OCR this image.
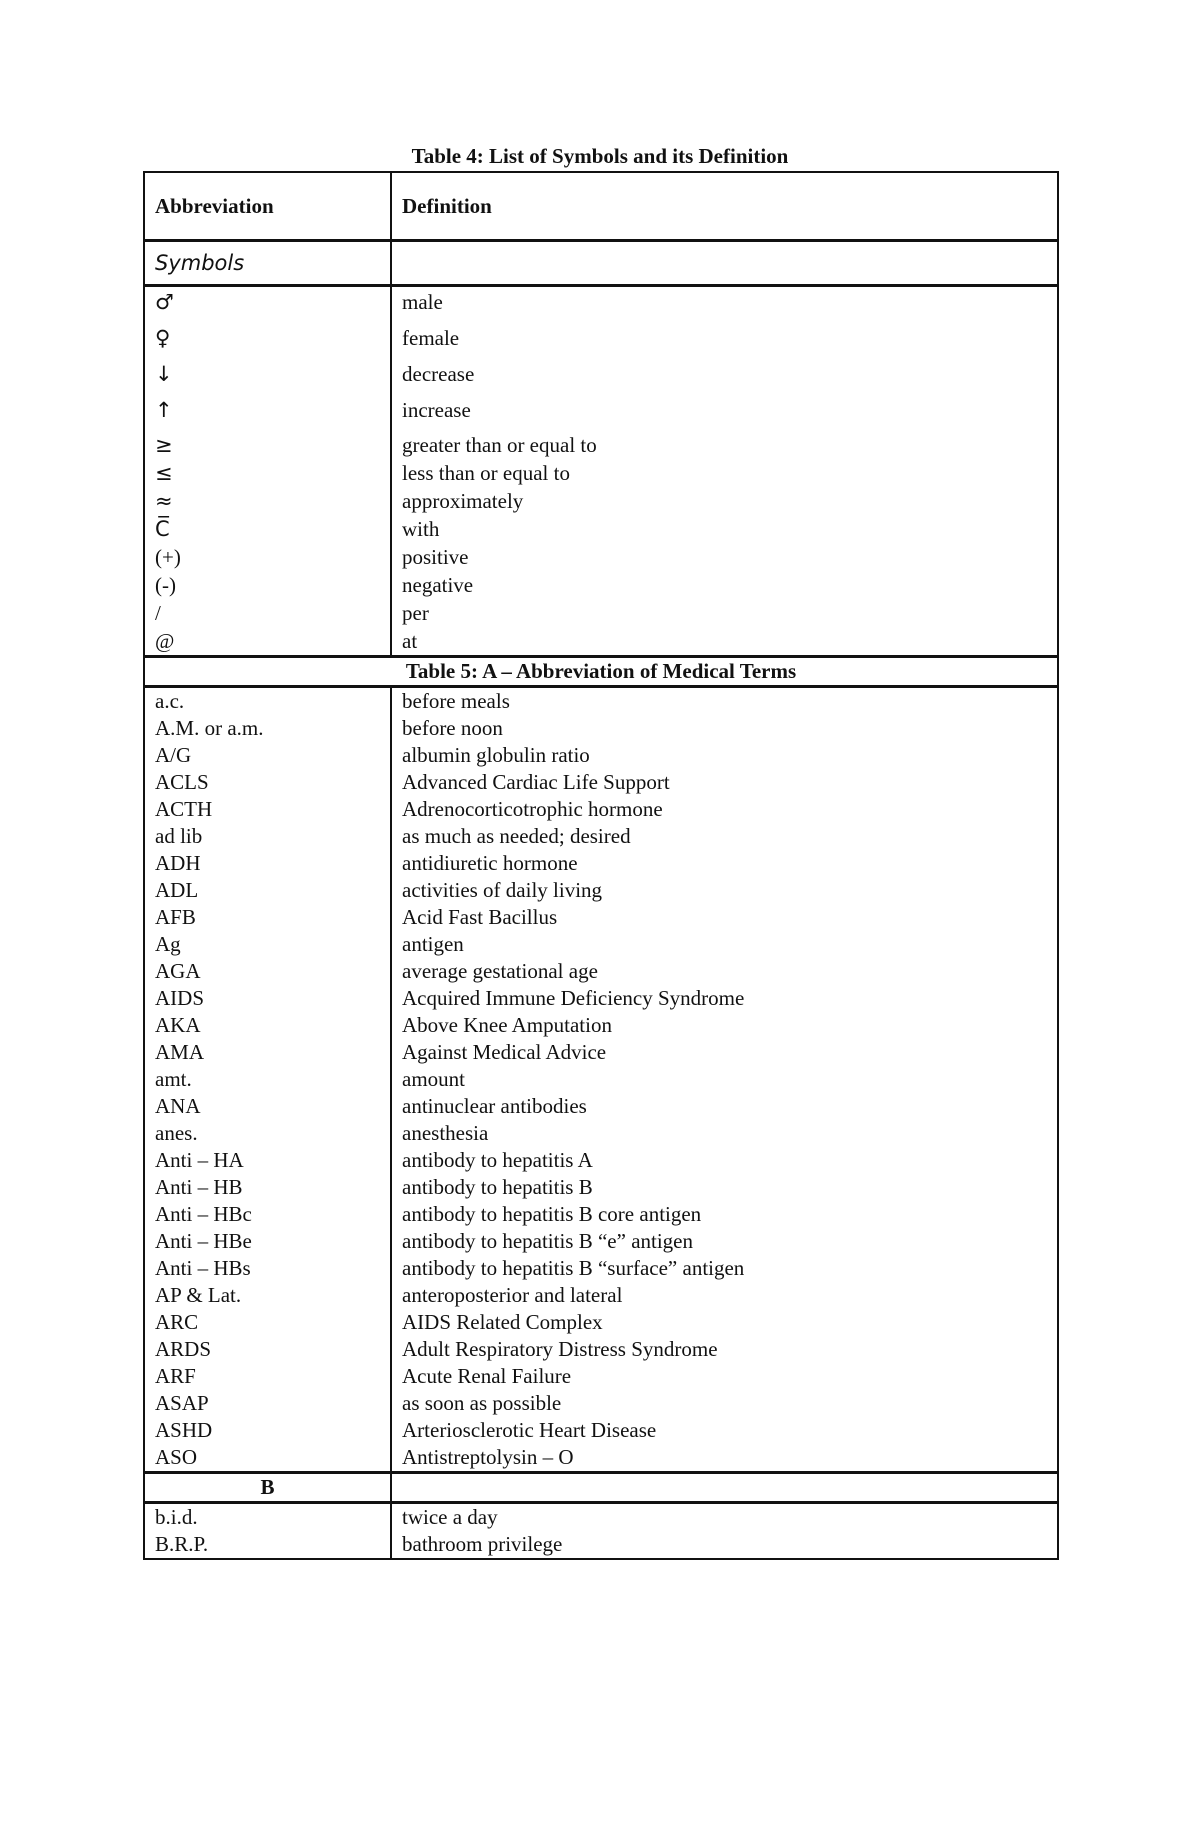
Table 4: List of Symbols and its Definition
Abbreviation	Definition
Symbols	
♂	male
♀	female
↓	decrease
↑	increase
≥	greater than or equal to
≤	less than or equal to
≈	approximately
C̅	with
(+)	positive
(-)	negative
/	per
@	at
Table 5: A – Abbreviation of Medical Terms	
a.c.	before meals
A.M. or a.m.	before noon
A/G	albumin globulin ratio
ACLS	Advanced Cardiac Life Support
ACTH	Adrenocorticotrophic hormone
ad lib	as much as needed; desired
ADH	antidiuretic hormone
ADL	activities of daily living
AFB	Acid Fast Bacillus
Ag	antigen
AGA	average gestational age
AIDS	Acquired Immune Deficiency Syndrome
AKA	Above Knee Amputation
AMA	Against Medical Advice
amt.	amount
ANA	antinuclear antibodies
anes.	anesthesia
Anti – HA	antibody to hepatitis A
Anti – HB	antibody to hepatitis B
Anti – HBc	antibody to hepatitis B core antigen
Anti – HBe	antibody to hepatitis B “e” antigen
Anti – HBs	antibody to hepatitis B “surface” antigen
AP & Lat.	anteroposterior and lateral
ARC	AIDS Related Complex
ARDS	Adult Respiratory Distress Syndrome
ARF	Acute Renal Failure
ASAP	as soon as possible
ASHD	Arteriosclerotic Heart Disease
ASO	Antistreptolysin – O
B	
b.i.d.	twice a day
B.R.P.	bathroom privilege
